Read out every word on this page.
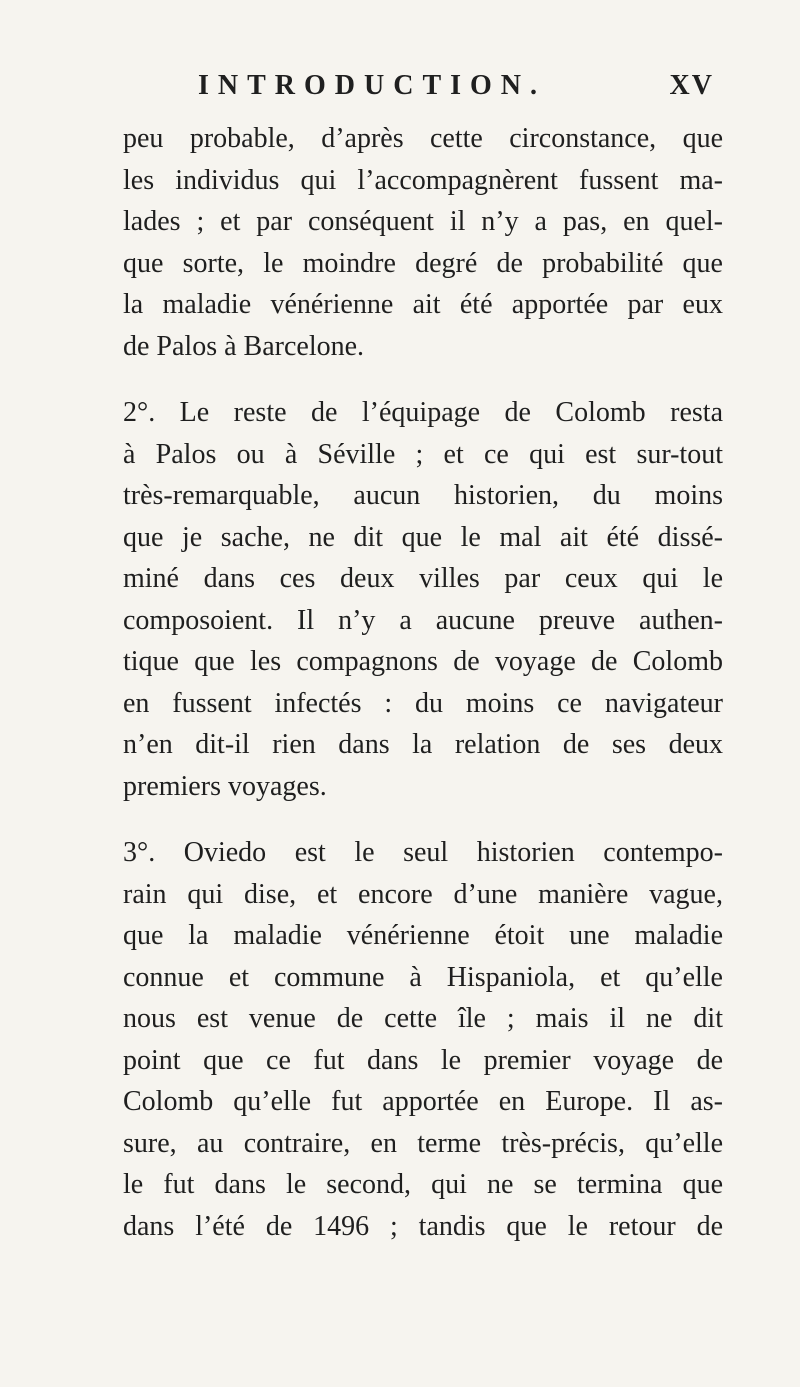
INTRODUCTION.	XV
peu probable, d’après cette circonstance, que
les individus qui l’accompagnèrent fussent ma-
lades ; et par conséquent il n’y a pas, en quel-
que sorte, le moindre degré de probabilité que
la maladie vénérienne ait été apportée par eux
de Palos à Barcelone.
2°. Le reste de l’équipage de Colomb resta
à Palos ou à Séville ; et ce qui est sur-tout
très-remarquable, aucun historien, du moins
que je sache, ne dit que le mal ait été dissé-
miné dans ces deux villes par ceux qui le
composoient. Il n’y a aucune preuve authen-
tique que les compagnons de voyage de Colomb
en fussent infectés : du moins ce navigateur
n’en dit-il rien dans la relation de ses deux
premiers voyages.
3°. Oviedo est le seul historien contempo-
rain qui dise, et encore d’une manière vague,
que la maladie vénérienne étoit une maladie
connue et commune à Hispaniola, et qu’elle
nous est venue de cette île ; mais il ne dit
point que ce fut dans le premier voyage de
Colomb qu’elle fut apportée en Europe. Il as-
sure, au contraire, en terme très-précis, qu’elle
le fut dans le second, qui ne se termina que
dans l’été de 1496 ; tandis que le retour de
